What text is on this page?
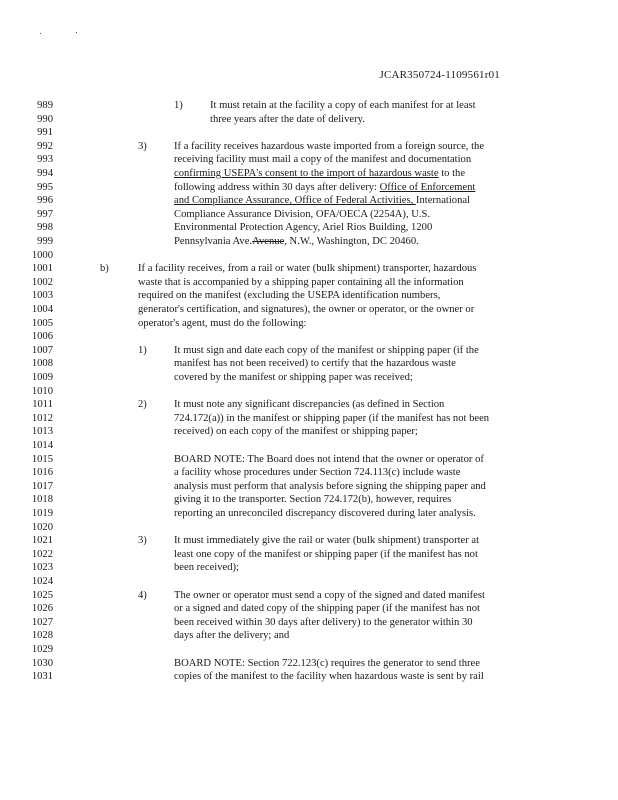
JCAR350724-1109561r01
989	1)	It must retain at the facility a copy of each manifest for at least
990	three years after the date of delivery.
991
992	3)	If a facility receives hazardous waste imported from a foreign source, the
993	receiving facility must mail a copy of the manifest and documentation
994	confirming USEPA's consent to the import of hazardous waste to the
995	following address within 30 days after delivery: Office of Enforcement
996	and Compliance Assurance, Office of Federal Activities, International
997	Compliance Assurance Division, OFA/OECA (2254A), U.S.
998	Environmental Protection Agency, Ariel Rios Building, 1200
999	Pennsylvania Ave.Avenue, N.W., Washington, DC 20460.
1000
1001	b)	If a facility receives, from a rail or water (bulk shipment) transporter, hazardous
1002	waste that is accompanied by a shipping paper containing all the information
1003	required on the manifest (excluding the USEPA identification numbers,
1004	generator's certification, and signatures), the owner or operator, or the owner or
1005	operator's agent, must do the following:
1006
1007	1)	It must sign and date each copy of the manifest or shipping paper (if the
1008	manifest has not been received) to certify that the hazardous waste
1009	covered by the manifest or shipping paper was received;
1010
1011	2)	It must note any significant discrepancies (as defined in Section
1012	724.172(a)) in the manifest or shipping paper (if the manifest has not been
1013	received) on each copy of the manifest or shipping paper;
1014
1015	BOARD NOTE: The Board does not intend that the owner or operator of
1016	a facility whose procedures under Section 724.113(c) include waste
1017	analysis must perform that analysis before signing the shipping paper and
1018	giving it to the transporter. Section 724.172(b), however, requires
1019	reporting an unreconciled discrepancy discovered during later analysis.
1020
1021	3)	It must immediately give the rail or water (bulk shipment) transporter at
1022	least one copy of the manifest or shipping paper (if the manifest has not
1023	been received);
1024
1025	4)	The owner or operator must send a copy of the signed and dated manifest
1026	or a signed and dated copy of the shipping paper (if the manifest has not
1027	been received within 30 days after delivery) to the generator within 30
1028	days after the delivery; and
1029
1030	BOARD NOTE: Section 722.123(c) requires the generator to send three
1031	copies of the manifest to the facility when hazardous waste is sent by rail
